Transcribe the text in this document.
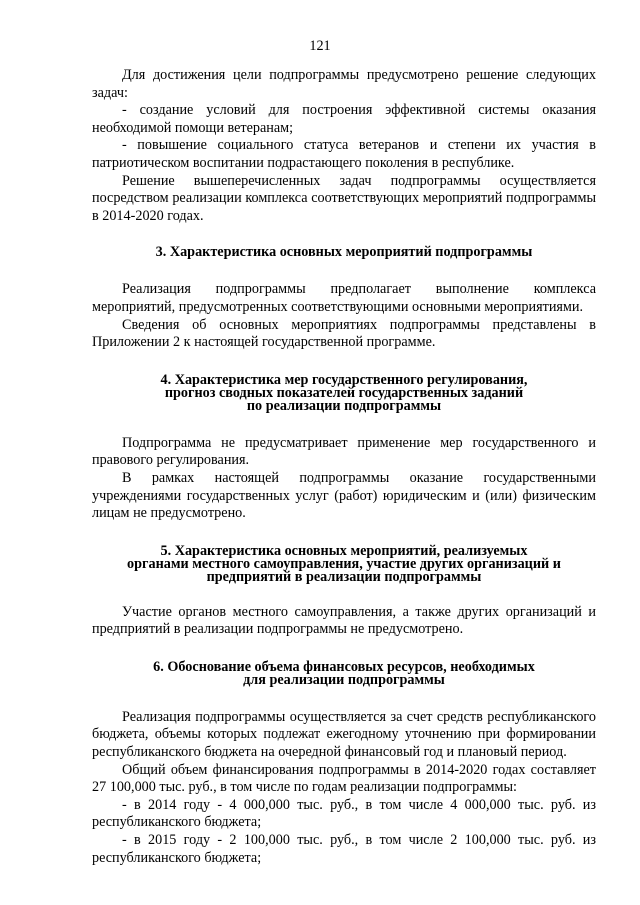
121

Для достижения цели подпрограммы предусмотрено решение следующих задач:

- создание условий для построения эффективной системы оказания необходимой помощи ветеранам;

- повышение социального статуса ветеранов и степени их участия в патриотическом воспитании подрастающего поколения в республике.

Решение вышеперечисленных задач подпрограммы осуществляется посредством реализации комплекса соответствующих мероприятий подпрограммы в 2014-2020 годах.

3. Характеристика основных мероприятий подпрограммы

Реализация подпрограммы предполагает выполнение комплекса мероприятий, предусмотренных соответствующими основными мероприятиями.

Сведения об основных мероприятиях подпрограммы представлены в Приложении 2 к настоящей государственной программе.

4. Характеристика мер государственного регулирования,
прогноз сводных показателей государственных заданий
по реализации подпрограммы

Подпрограмма не предусматривает применение мер государственного и правового регулирования.

В рамках настоящей подпрограммы оказание государственными учреждениями государственных услуг (работ) юридическим и (или) физическим лицам не предусмотрено.

5. Характеристика основных мероприятий, реализуемых
органами местного самоуправления, участие других организаций и
предприятий в реализации подпрограммы

Участие органов местного самоуправления, а также других организаций и предприятий в реализации подпрограммы не предусмотрено.

6. Обоснование объема финансовых ресурсов, необходимых
для реализации подпрограммы

Реализация подпрограммы осуществляется за счет средств республиканского бюджета, объемы которых подлежат ежегодному уточнению при формировании республиканского бюджета на очередной финансовый год и плановый период.

Общий объем финансирования подпрограммы в 2014-2020 годах составляет 27 100,000 тыс. руб., в том числе по годам реализации подпрограммы:

- в 2014 году - 4 000,000 тыс. руб., в том числе 4 000,000 тыс. руб. из республиканского бюджета;

- в 2015 году - 2 100,000 тыс. руб., в том числе 2 100,000 тыс. руб. из республиканского бюджета;
